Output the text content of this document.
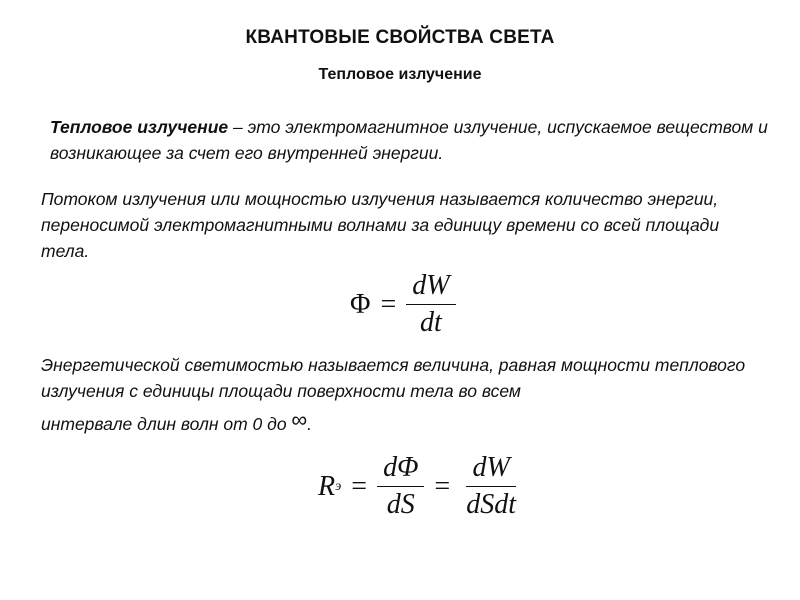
КВАНТОВЫЕ СВОЙСТВА СВЕТА
Тепловое излучение
Тепловое излучение – это электромагнитное излучение, испускаемое веществом и возникающее за счет его внутренней энергии.
Потоком излучения или мощностью излучения называется количество энергии, переносимой электромагнитными волнами за единицу времени со всей площади тела.
$\Phi = \frac{dW}{dt}$
Энергетической светимостью называется величина, равная мощности теплового излучения с единицы площади поверхности тела во всем
интервале длин волн от 0 до ∞.
R $э = \frac{d\Phi}{dS} = \frac{dW}{\text{dSdt}}$
